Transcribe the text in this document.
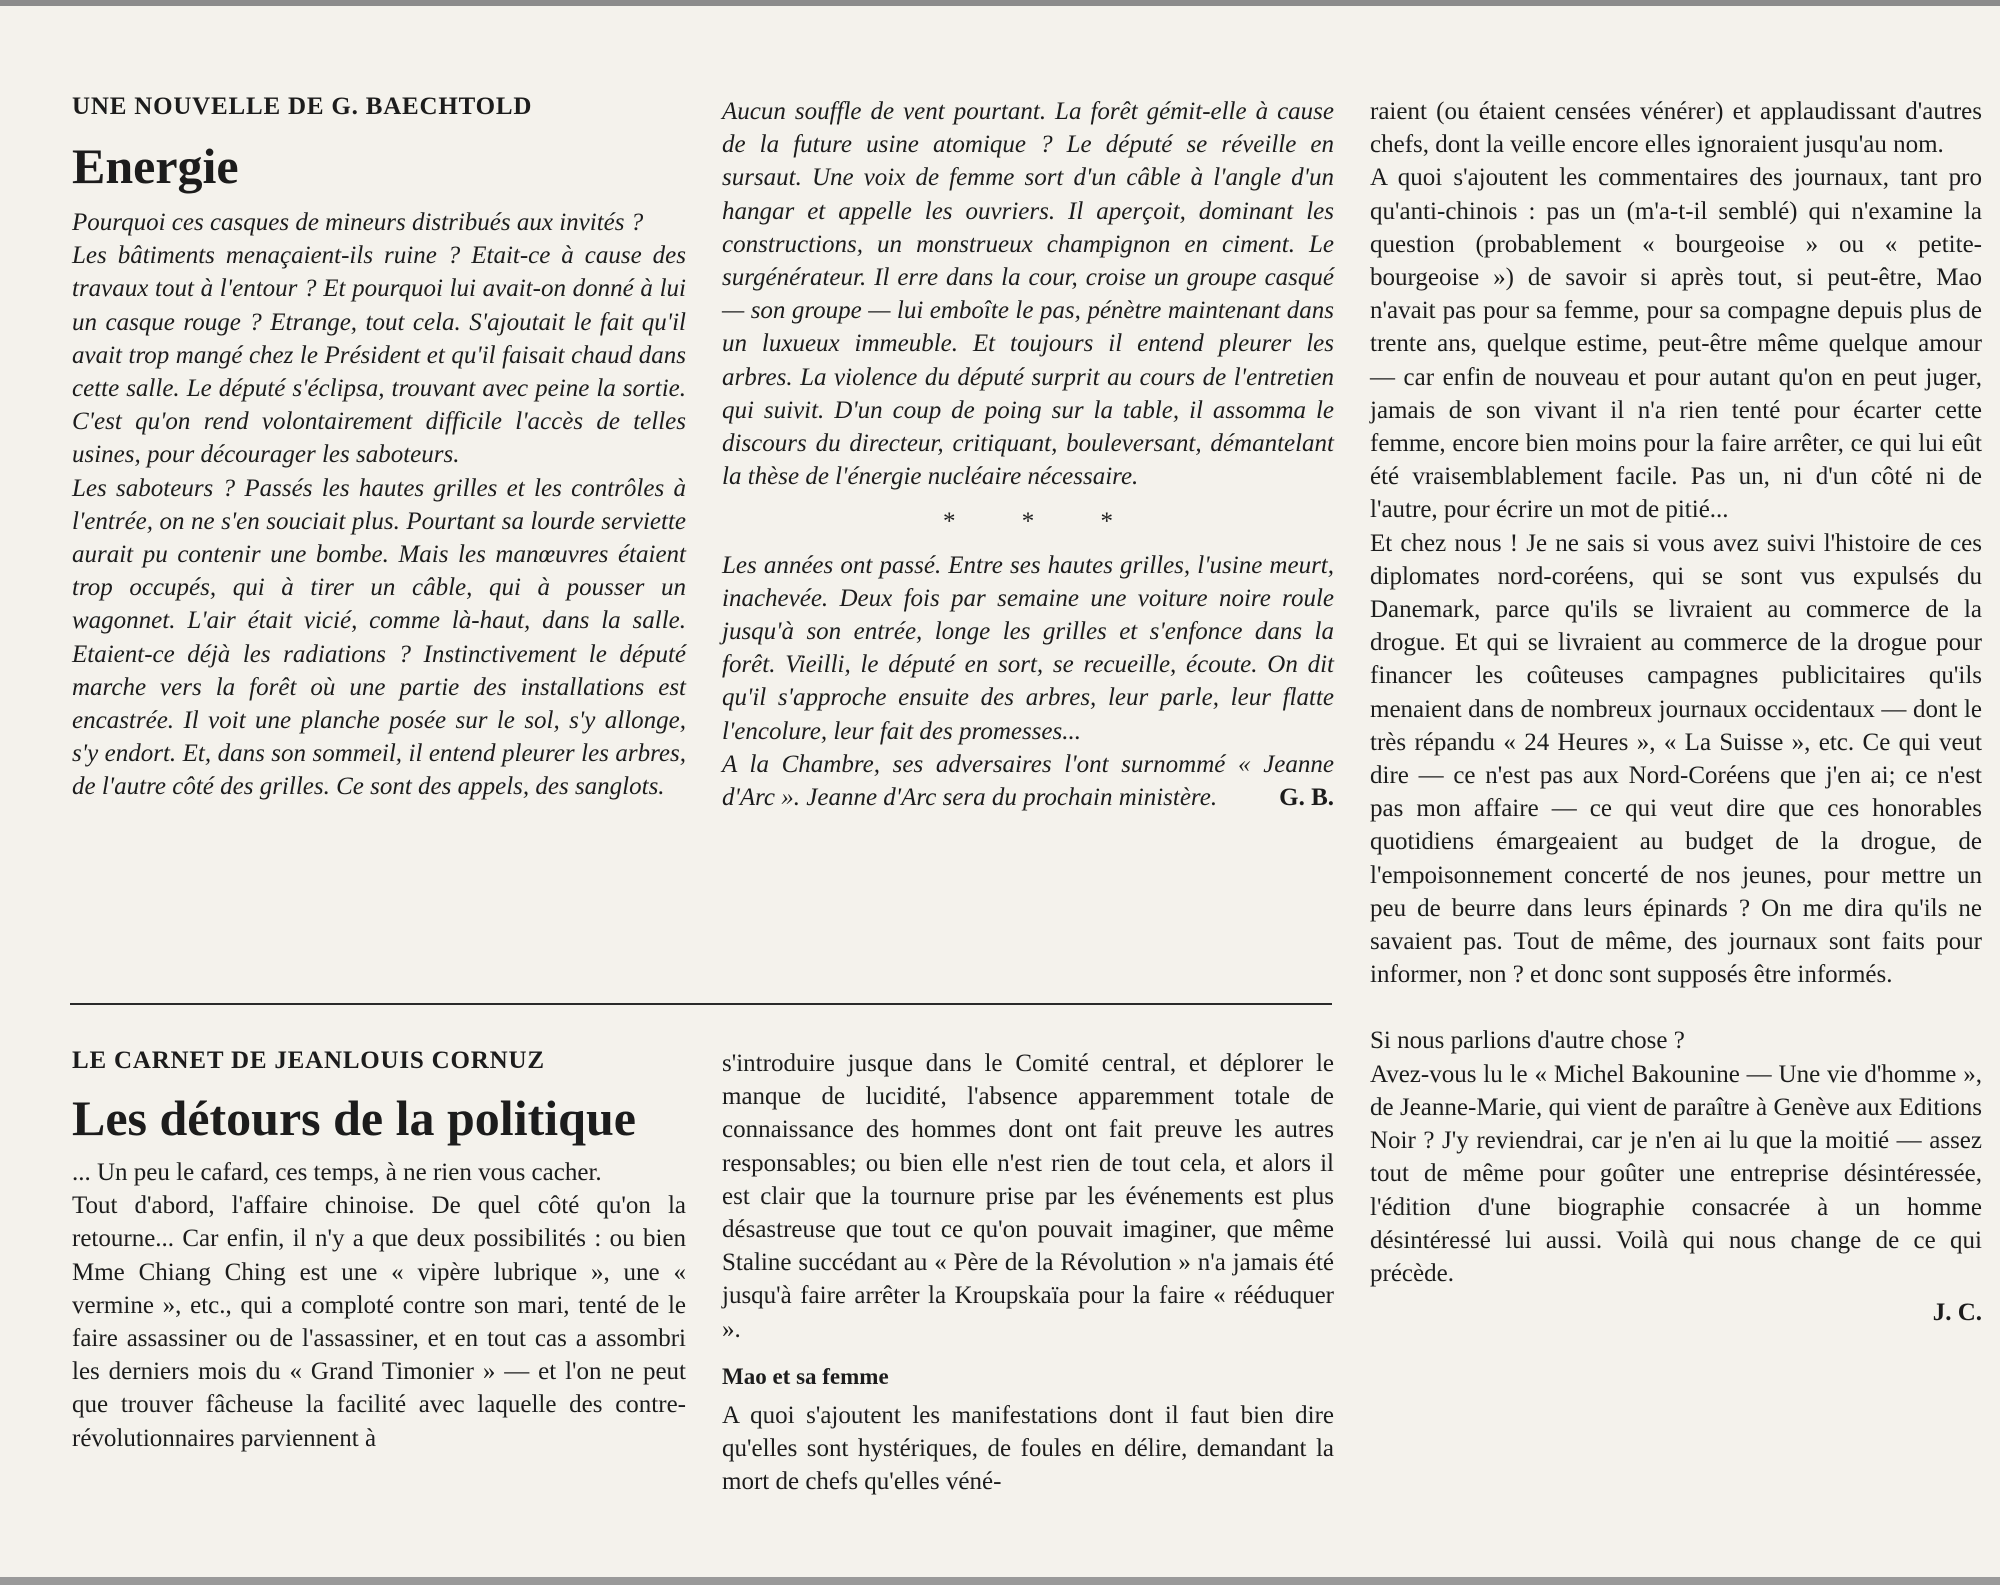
UNE NOUVELLE DE G. BAECHTOLD
Energie

Pourquoi ces casques de mineurs distribués aux invités ?

Les bâtiments menaçaient-ils ruine ? Etait-ce à cause des travaux tout à l'entour ? Et pourquoi lui avait-on donné à lui un casque rouge ? Etrange, tout cela. S'ajoutait le fait qu'il avait trop mangé chez le Président et qu'il faisait chaud dans cette salle. Le député s'éclipsa, trouvant avec peine la sortie. C'est qu'on rend volontairement difficile l'accès de telles usines, pour décourager les saboteurs.

Les saboteurs ? Passés les hautes grilles et les contrôles à l'entrée, on ne s'en souciait plus. Pourtant sa lourde serviette aurait pu contenir une bombe. Mais les manœuvres étaient trop occupés, qui à tirer un câble, qui à pousser un wagonnet. L'air était vicié, comme là-haut, dans la salle. Etaient-ce déjà les radiations ? Instinctivement le député marche vers la forêt où une partie des installations est encastrée. Il voit une planche posée sur le sol, s'y allonge, s'y endort. Et, dans son sommeil, il entend pleurer les arbres, de l'autre côté des grilles. Ce sont des appels, des sanglots.

Aucun souffle de vent pourtant. La forêt gémit-elle à cause de la future usine atomique ? Le député se réveille en sursaut. Une voix de femme sort d'un câble à l'angle d'un hangar et appelle les ouvriers. Il aperçoit, dominant les constructions, un monstrueux champignon en ciment. Le surgénérateur. Il erre dans la cour, croise un groupe casqué — son groupe — lui emboîte le pas, pénètre maintenant dans un luxueux immeuble. Et toujours il entend pleurer les arbres. La violence du député surprit au cours de l'entretien qui suivit. D'un coup de poing sur la table, il assomma le discours du directeur, critiquant, bouleversant, démantelant la thèse de l'énergie nucléaire nécessaire.

* * *

Les années ont passé. Entre ses hautes grilles, l'usine meurt, inachevée. Deux fois par semaine une voiture noire roule jusqu'à son entrée, longe les grilles et s'enfonce dans la forêt. Vieilli, le député en sort, se recueille, écoute. On dit qu'il s'approche ensuite des arbres, leur parle, leur flatte l'encolure, leur fait des promesses...

A la Chambre, ses adversaires l'ont surnommé « Jeanne d'Arc ». Jeanne d'Arc sera du prochain ministère.	G. B.
LE CARNET DE JEANLOUIS CORNUZ
Les détours de la politique

... Un peu le cafard, ces temps, à ne rien vous cacher.

Tout d'abord, l'affaire chinoise. De quel côté qu'on la retourne... Car enfin, il n'y a que deux possibilités : ou bien Mme Chiang Ching est une « vipère lubrique », une « vermine », etc., qui a comploté contre son mari, tenté de le faire assassiner ou de l'assassiner, et en tout cas a assombri les derniers mois du « Grand Timonier » — et l'on ne peut que trouver fâcheuse la facilité avec laquelle des contre-révolutionnaires parviennent à

s'introduire jusque dans le Comité central, et déplorer le manque de lucidité, l'absence apparemment totale de connaissance des hommes dont ont fait preuve les autres responsables; ou bien elle n'est rien de tout cela, et alors il est clair que la tournure prise par les événements est plus désastreuse que tout ce qu'on pouvait imaginer, que même Staline succédant au « Père de la Révolution » n'a jamais été jusqu'à faire arrêter la Kroupskaïa pour la faire « rééduquer ».

Mao et sa femme

A quoi s'ajoutent les manifestations dont il faut bien dire qu'elles sont hystériques, de foules en délire, demandant la mort de chefs qu'elles véné-

raient (ou étaient censées vénérer) et applaudissant d'autres chefs, dont la veille encore elles ignoraient jusqu'au nom.

A quoi s'ajoutent les commentaires des journaux, tant pro qu'anti-chinois : pas un (m'a-t-il semblé) qui n'examine la question (probablement « bourgeoise » ou « petite-bourgeoise ») de savoir si après tout, si peut-être, Mao n'avait pas pour sa femme, pour sa compagne depuis plus de trente ans, quelque estime, peut-être même quelque amour — car enfin de nouveau et pour autant qu'on en peut juger, jamais de son vivant il n'a rien tenté pour écarter cette femme, encore bien moins pour la faire arrêter, ce qui lui eût été vraisemblablement facile. Pas un, ni d'un côté ni de l'autre, pour écrire un mot de pitié...

Et chez nous ! Je ne sais si vous avez suivi l'histoire de ces diplomates nord-coréens, qui se sont vus expulsés du Danemark, parce qu'ils se livraient au commerce de la drogue. Et qui se livraient au commerce de la drogue pour financer les coûteuses campagnes publicitaires qu'ils menaient dans de nombreux journaux occidentaux — dont le très répandu « 24 Heures », « La Suisse », etc. Ce qui veut dire — ce n'est pas aux Nord-Coréens que j'en ai; ce n'est pas mon affaire — ce qui veut dire que ces honorables quotidiens émargeaient au budget de la drogue, de l'empoisonnement concerté de nos jeunes, pour mettre un peu de beurre dans leurs épinards ? On me dira qu'ils ne savaient pas. Tout de même, des journaux sont faits pour informer, non ? et donc sont supposés être informés.

Si nous parlions d'autre chose ?

Avez-vous lu le « Michel Bakounine — Une vie d'homme », de Jeanne-Marie, qui vient de paraître à Genève aux Editions Noir ? J'y reviendrai, car je n'en ai lu que la moitié — assez tout de même pour goûter une entreprise désintéressée, l'édition d'une biographie consacrée à un homme désintéressé lui aussi. Voilà qui nous change de ce qui précède.

J. C.
